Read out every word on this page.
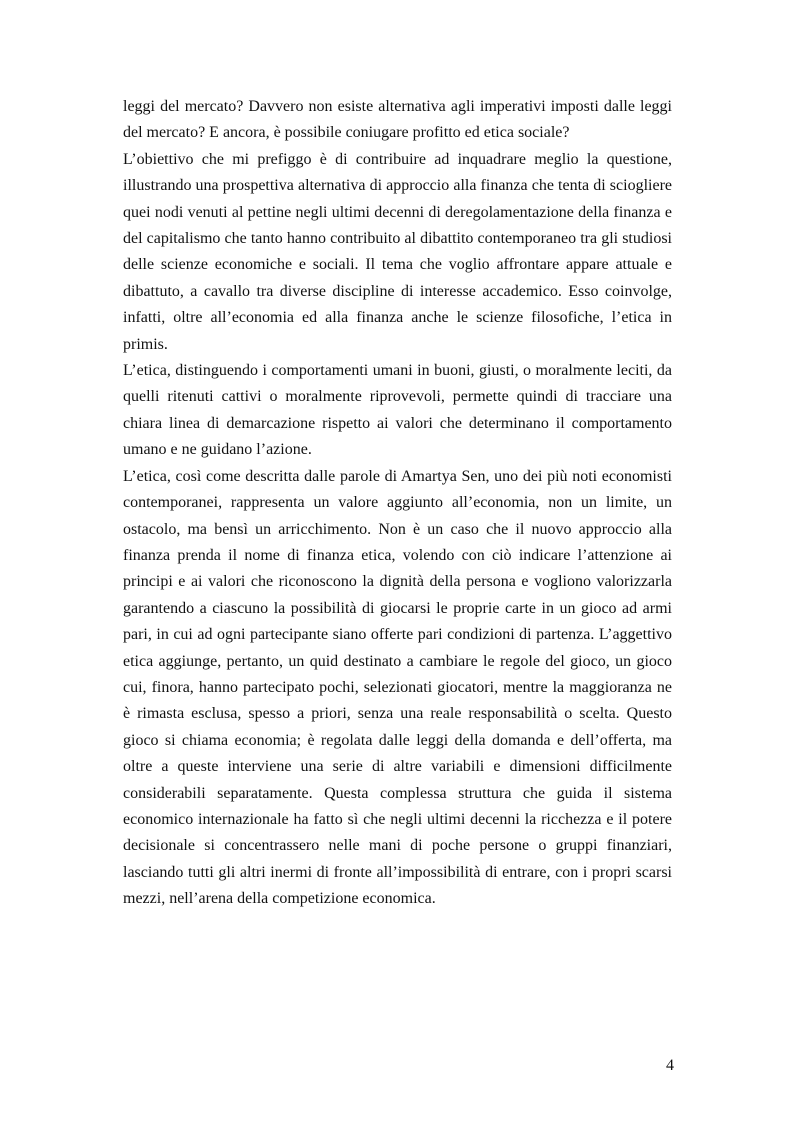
leggi del mercato? Davvero non esiste alternativa agli imperativi imposti dalle leggi del mercato? E ancora, è possibile coniugare profitto ed etica sociale?

L’obiettivo che mi prefiggo è di contribuire ad inquadrare meglio la questione, illustrando una prospettiva alternativa di approccio alla finanza che tenta di sciogliere quei nodi venuti al pettine negli ultimi decenni di deregolamentazione della finanza e del capitalismo che tanto hanno contribuito al dibattito contemporaneo tra gli studiosi delle scienze economiche e sociali. Il tema che voglio affrontare appare attuale e dibattuto, a cavallo tra diverse discipline di interesse accademico. Esso coinvolge, infatti, oltre all’economia ed alla finanza anche le scienze filosofiche, l’etica in primis.

L’etica, distinguendo i comportamenti umani in buoni, giusti, o moralmente leciti, da quelli ritenuti cattivi o moralmente riprovevoli, permette quindi di tracciare una chiara linea di demarcazione rispetto ai valori che determinano il comportamento umano e ne guidano l’azione.

L’etica, così come descritta dalle parole di Amartya Sen, uno dei più noti economisti contemporanei, rappresenta un valore aggiunto all’economia, non un limite, un ostacolo, ma bensì un arricchimento. Non è un caso che il nuovo approccio alla finanza prenda il nome di finanza etica, volendo con ciò indicare l’attenzione ai principi e ai valori che riconoscono la dignità della persona e vogliono valorizzarla garantendo a ciascuno la possibilità di giocarsi le proprie carte in un gioco ad armi pari, in cui ad ogni partecipante siano offerte pari condizioni di partenza. L’aggettivo etica aggiunge, pertanto, un quid destinato a cambiare le regole del gioco, un gioco cui, finora, hanno partecipato pochi, selezionati giocatori, mentre la maggioranza ne è rimasta esclusa, spesso a priori, senza una reale responsabilità o scelta. Questo gioco si chiama economia; è regolata dalle leggi della domanda e dell’offerta, ma oltre a queste interviene una serie di altre variabili e dimensioni difficilmente considerabili separatamente. Questa complessa struttura che guida il sistema economico internazionale ha fatto sì che negli ultimi decenni la ricchezza e il potere decisionale si concentrassero nelle mani di poche persone o gruppi finanziari, lasciando tutti gli altri inermi di fronte all’impossibilità di entrare, con i propri scarsi mezzi, nell’arena della competizione economica.

4
